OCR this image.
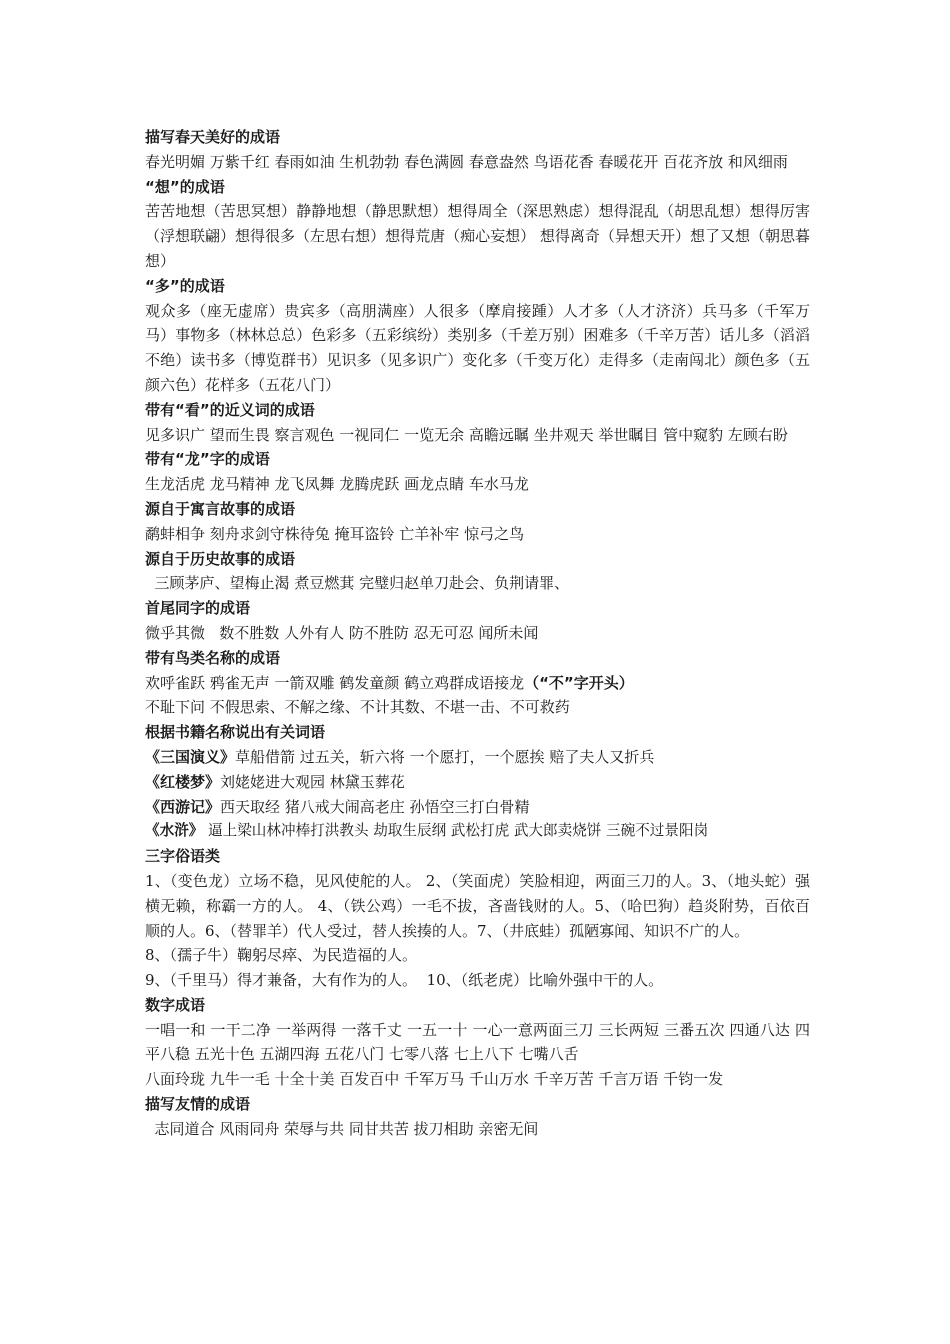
描写春天美好的成语
春光明媚 万紫千红 春雨如油 生机勃勃 春色满圆 春意盎然 鸟语花香 春暖花开 百花齐放 和风细雨
“想”的成语
苦苦地想（苦思冥想）静静地想（静思默想）想得周全（深思熟虑）想得混乱（胡思乱想）想得厉害（浮想联翩）想得很多（左思右想）想得荒唐（痴心妄想） 想得离奇（异想天开）想了又想（朝思暮想）
“多”的成语
观众多（座无虚席）贵宾多（高朋满座）人很多（摩肩接踵）人才多（人才济济）兵马多（千军万马）事物多（林林总总）色彩多（五彩缤纷）类别多（千差万别）困难多（千辛万苦）话儿多（滔滔不绝）读书多（博览群书）见识多（见多识广）变化多（千变万化）走得多（走南闯北）颜色多（五颜六色）花样多（五花八门）
带有“看”的近义词的成语
见多识广 望而生畏 察言观色 一视同仁 一览无余 高瞻远瞩 坐井观天 举世瞩目 管中窥豹 左顾右盼
带有“龙”字的成语
生龙活虎 龙马精神 龙飞凤舞 龙腾虎跃 画龙点睛 车水马龙
源自于寓言故事的成语
鹬蚌相争 刻舟求剑守株待兔 掩耳盗铃 亡羊补牢 惊弓之鸟
源自于历史故事的成语
三顾茅庐、望梅止渴 煮豆燃萁 完璧归赵单刀赴会、负荆请罪、
首尾同字的成语
微乎其微   数不胜数 人外有人 防不胜防 忍无可忍 闻所未闻
带有鸟类名称的成语
欢呼雀跃 鸦雀无声 一箭双雕 鹤发童颜 鹤立鸡群成语接龙（“不”字开头）
不耻下问 不假思索、不解之缘、不计其数、不堪一击、不可救药
根据书籍名称说出有关词语
《三国演义》草船借箭 过五关，斩六将 一个愿打，一个愿挨 赔了夫人又折兵
《红楼梦》刘姥姥进大观园 林黛玉葬花
《西游记》西天取经 猪八戒大闹高老庄 孙悟空三打白骨精
《水浒》 逼上梁山林冲棒打洪教头 劫取生辰纲 武松打虎 武大郎卖烧饼 三碗不过景阳岗
三字俗语类
1、（变色龙）立场不稳，见风使舵的人。 2、（笑面虎）笑脸相迎，两面三刀的人。3、（地头蛇）强横无赖，称霸一方的人。 4、（铁公鸡）一毛不拔，吝啬钱财的人。5、（哈巴狗）趋炎附势，百依百顺的人。6、（替罪羊）代人受过，替人挨揍的人。7、（井底蛙）孤陋寡闻、知识不广的人。
8、（孺子牛）鞠躬尽瘁、为民造福的人。
9、（千里马）得才兼备，大有作为的人。  10、（纸老虎）比喻外强中干的人。
数字成语
一唱一和 一干二净 一举两得 一落千丈 一五一十 一心一意两面三刀 三长两短 三番五次 四通八达 四平八稳 五光十色 五湖四海 五花八门 七零八落 七上八下 七嘴八舌
八面玲珑 九牛一毛 十全十美 百发百中 千军万马 千山万水 千辛万苦 千言万语 千钧一发
描写友情的成语
志同道合 风雨同舟 荣辱与共 同甘共苦 拔刀相助 亲密无间
